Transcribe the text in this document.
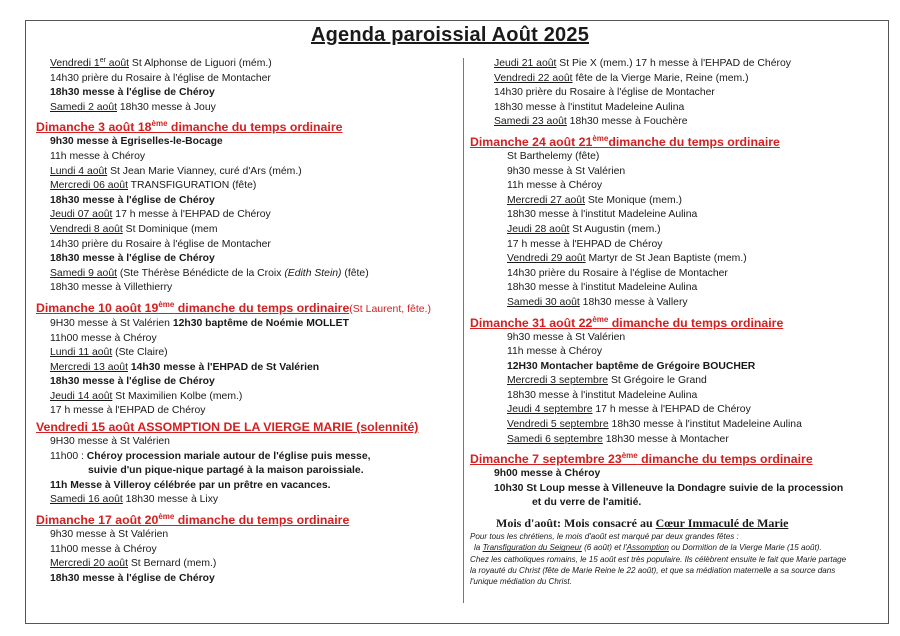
Agenda paroissial Août 2025
Vendredi 1er août St Alphonse de Liguori (mém.)
14h30 prière du Rosaire à l'église de Montacher
18h30 messe à l'église de Chéroy
Samedi 2 août 18h30 messe à Jouy
Dimanche 3 août 18ème dimanche du temps ordinaire
9h30 messe à Egriselles-le-Bocage
11h messe à Chéroy
Lundi 4 août St Jean Marie Vianney, curé d'Ars (mém.)
Mercredi 06 août TRANSFIGURATION (fête)
18h30 messe à l'église de Chéroy
Jeudi 07 août 17 h messe à l'EHPAD de Chéroy
Vendredi 8 août St Dominique (mem
14h30 prière du Rosaire à l'église de Montacher
18h30 messe à l'église de Chéroy
Samedi 9 août (Ste Thérèse Bénédicte de la Croix (Edith Stein) (fête)
18h30 messe à Villethierry
Dimanche 10 août 19ème dimanche du temps ordinaire(St Laurent, fête.)
9H30 messe à St Valérien 12h30 baptême de Noémie MOLLET
11h00 messe à Chéroy
Lundi 11 août (Ste Claire)
Mercredi 13 août 14h30 messe à l'EHPAD de St Valérien
18h30 messe à l'église de Chéroy
Jeudi 14 août St Maximilien Kolbe (mem.)
17 h messe à l'EHPAD de Chéroy
Vendredi 15 août ASSOMPTION DE LA VIERGE MARIE (solennité)
9H30 messe à St Valérien
11h00 : Chéroy procession mariale autour de l'église puis messe,
suivie d'un pique-nique partagé à la maison paroissiale.
11h Messe à Villeroy célébrée par un prêtre en vacances.
Samedi 16 août 18h30 messe à Lixy
Dimanche 17 août 20ème dimanche du temps ordinaire
9h30 messe à St Valérien
11h00 messe à Chéroy
Mercredi 20 août St Bernard (mem.)
18h30 messe à l'église de Chéroy
Jeudi 21 août St Pie X (mem.) 17 h messe à l'EHPAD de Chéroy
Vendredi 22 août fête de la Vierge Marie, Reine (mem.)
14h30 prière du Rosaire à l'église de Montacher
18h30 messe à l'institut Madeleine Aulina
Samedi 23 août 18h30 messe à Fouchère
Dimanche 24 août 21èmedimanche du temps ordinaire
St Barthelemy (fête)
9h30 messe à St Valérien
11h messe à Chéroy
Mercredi 27 août Ste Monique (mem.)
18h30 messe à l'institut Madeleine Aulina
Jeudi 28 août St Augustin (mem.)
17 h messe à l'EHPAD de Chéroy
Vendredi 29 août Martyr de St Jean Baptiste (mem.)
14h30 prière du Rosaire à l'église de Montacher
18h30 messe à l'institut Madeleine Aulina
Samedi 30 août 18h30 messe à Vallery
Dimanche 31 août 22ème dimanche du temps ordinaire
9h30 messe à St Valérien
11h messe à Chéroy
12H30 Montacher baptême de Grégoire BOUCHER
Mercredi 3 septembre St Grégoire le Grand
18h30 messe à l'institut Madeleine Aulina
Jeudi 4 septembre 17 h messe à l'EHPAD de Chéroy
Vendredi 5 septembre 18h30 messe à l'institut Madeleine Aulina
Samedi 6 septembre 18h30 messe à Montacher
Dimanche 7 septembre 23ème dimanche du temps ordinaire
9h00 messe à Chéroy
10h30 St Loup messe à Villeneuve la Dondagre suivie de la procession
et du verre de l'amitié.
Mois d'août: Mois consacré au Cœur Immaculé de Marie
Pour tous les chrétiens, le mois d'août est marqué par deux grandes fêtes :
la Transfiguration du Seigneur (6 août) et l'Assomption ou Dormition de la Vierge Marie (15 août).
Chez les catholiques romains, le 15 août est très populaire. Ils célèbrent ensuite le fait que Marie partage
la royauté du Christ (fête de Marie Reine le 22 août), et que sa médiation maternelle a sa source dans
l'unique médiation du Christ.
